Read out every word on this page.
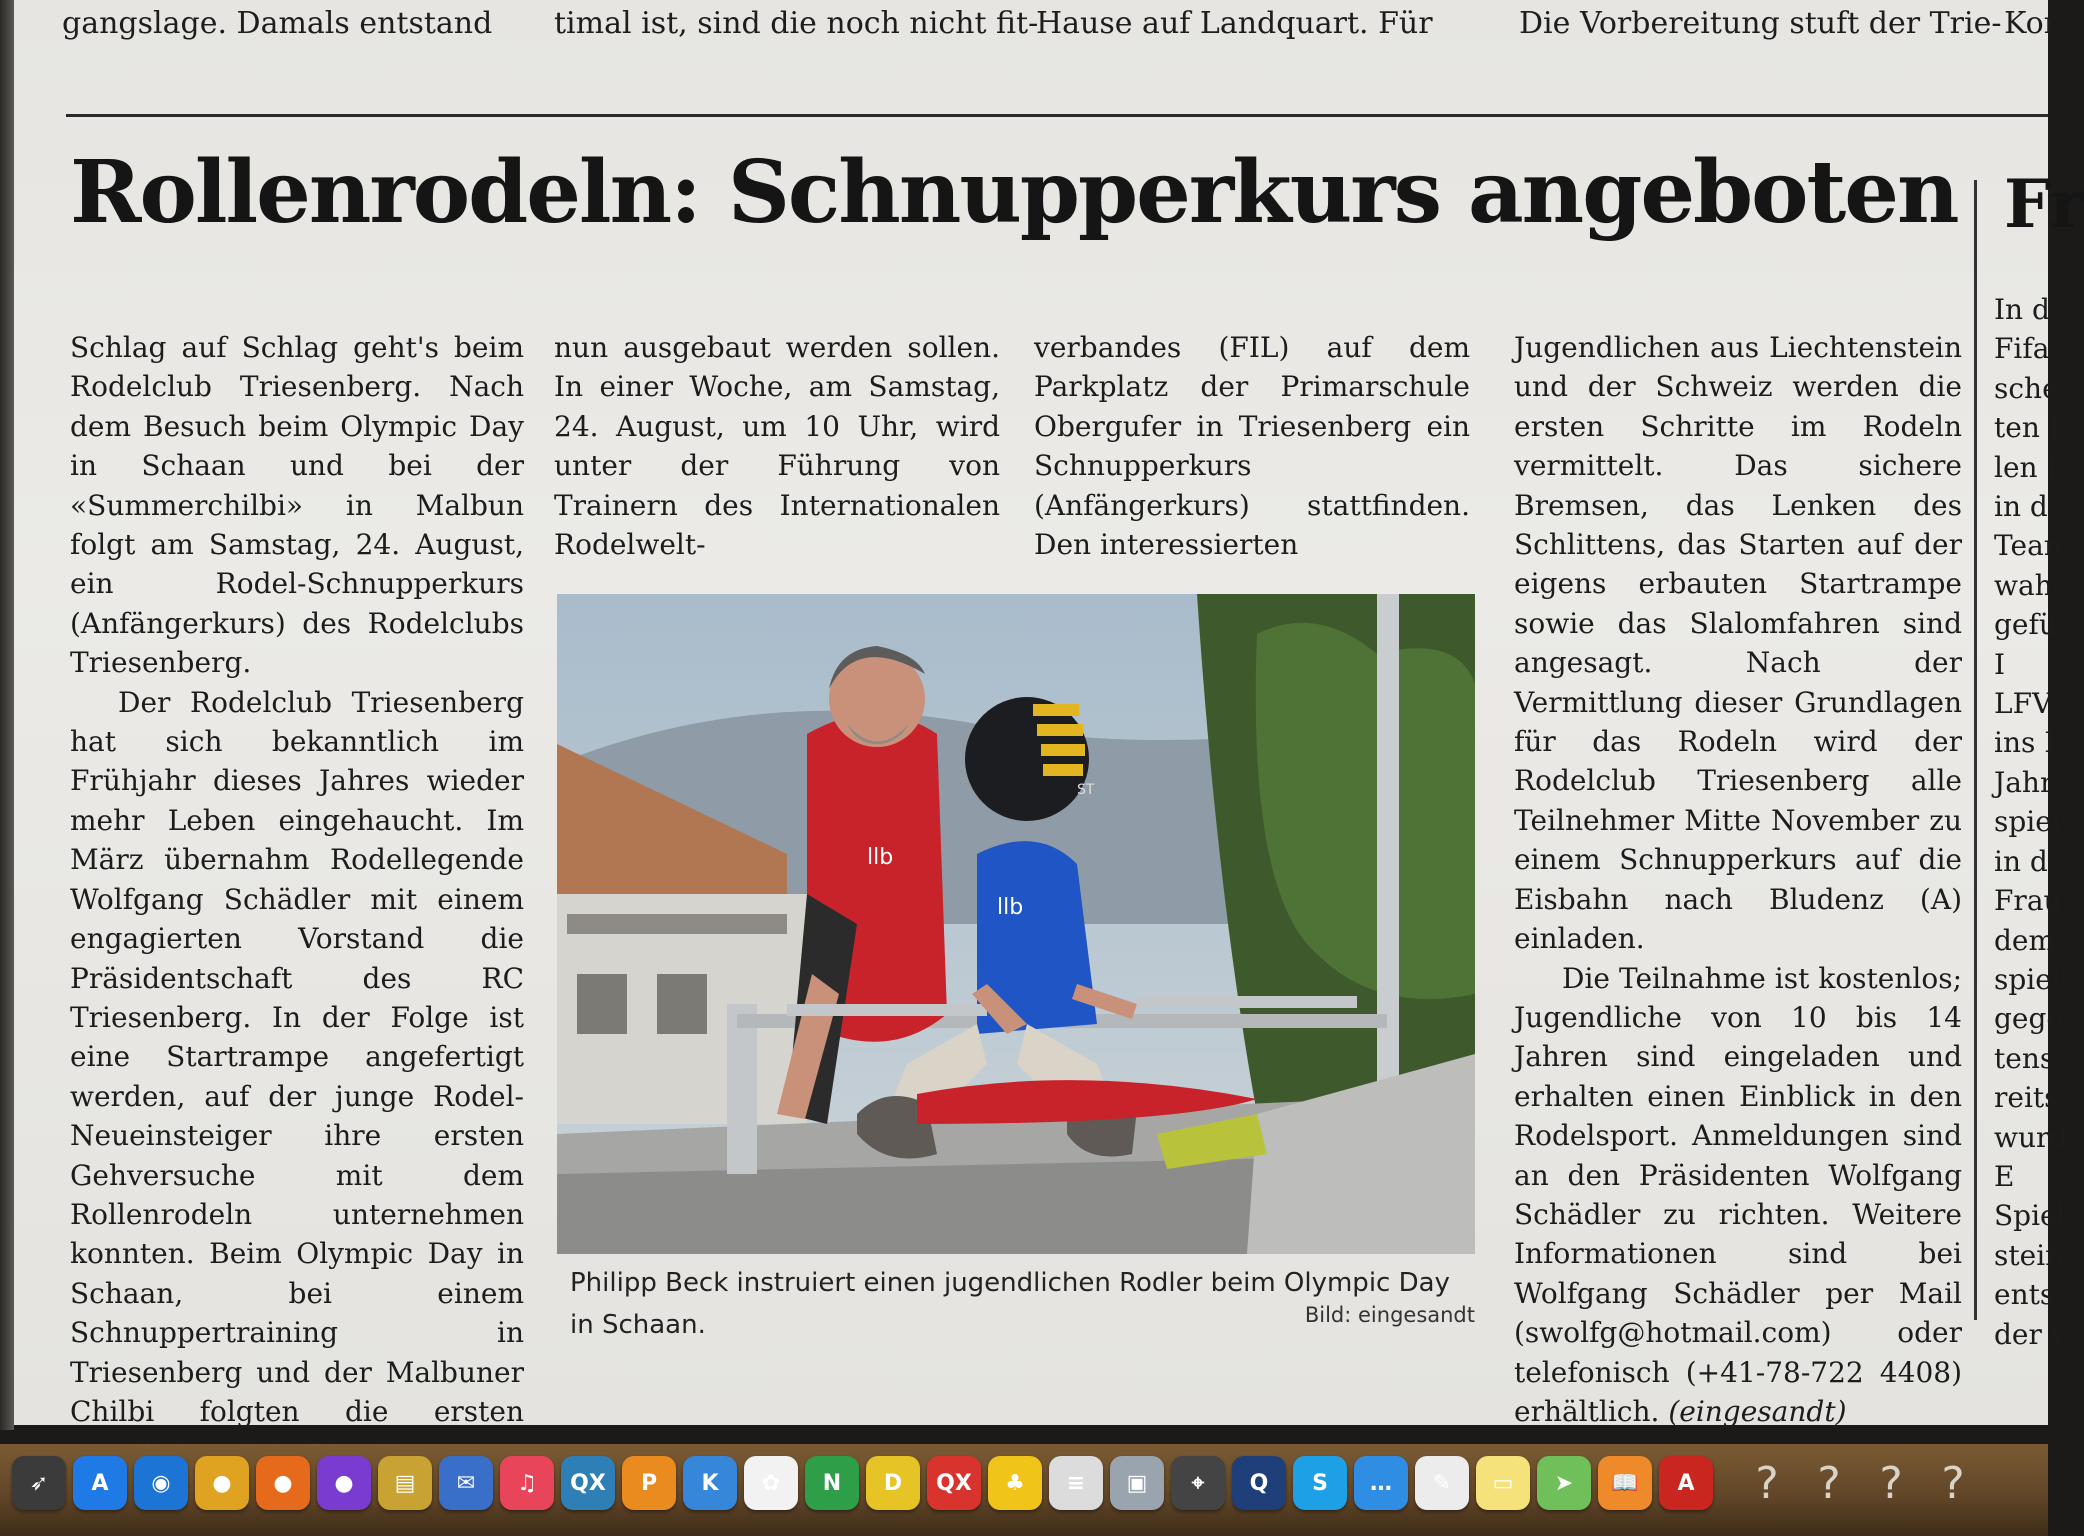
gangslage. Damals entstand timal ist, sind die noch nicht fit-
Hause auf Landquart. Für	Die Vorbereitung stuft der Trie- Kor
Rollenrodeln: Schnupperkurs angeboten Fr

Schlag auf Schlag geht's beim Rodelclub Triesenberg. Nach dem Besuch beim Olympic Day in Schaan und bei der «Summerchilbi» in Malbun folgt am Samstag, 24. August, ein Rodel-Schnupperkurs (Anfängerkurs) des Rodelclubs Triesenberg.

Der Rodelclub Triesenberg hat sich bekanntlich im Frühjahr dieses Jahres wieder mehr Leben eingehaucht. Im März übernahm Rodellegende Wolfgang Schädler mit einem engagierten Vorstand die Präsidentschaft des RC Triesenberg. In der Folge ist eine Startrampe angefertigt werden, auf der junge Rodel-Neueinsteiger ihre ersten Gehversuche mit dem Rollenrodeln unternehmen konnten. Beim Olympic Day in Schaan, bei einem Schnuppertraining in Triesenberg und der Malbuner Chilbi folgten die ersten

nun ausgebaut werden sollen. In einer Woche, am Samstag, 24. August, um 10 Uhr, wird unter der Führung von Trainern des Internationalen Rodelwelt-

verbandes (FIL) auf dem Parkplatz der Primarschule Obergufer in Triesenberg ein Schnupperkurs (Anfängerkurs) stattfinden. Den interessierten

Jugendlichen aus Liechtenstein und der Schweiz werden die ersten Schritte im Rodeln vermittelt. Das sichere Bremsen, das Lenken des Schlittens, das Starten auf der eigens erbauten Startrampe sowie das Slalomfahren sind angesagt. Nach der Vermittlung dieser Grundlagen für das Rodeln wird der Rodelclub Triesenberg alle Teilnehmer Mitte November zu einem Schnupperkurs auf die Eisbahn nach Bludenz (A) einladen.

Die Teilnahme ist kostenlos; Jugendliche von 10 bis 14 Jahren sind eingeladen und erhalten einen Einblick in den Rodelsport. Anmeldungen sind an den Präsidenten Wolfgang Schädler zu richten. Weitere Informationen sind bei Wolfgang Schädler per Mail (swolfg@hotmail.com) oder telefonisch (+41-78-722 4408) erhältlich. (eingesandt)

In d
Fifa
sche
ten I
len I
in d
Tean
wah
gefü
I
LFV
ins I
Jahr
spiel
in d
Frau
dem
spiel
gege
tens
reits
wurd
E
Spiel
stein
ents
der v
llb
llb
ST
Philipp Beck instruiert einen jugendlichen Rodler beim Olympic Day in Schaan.	Bild: eingesandt
➶	A	◉	●	●	●	▤	✉	♫	QX	P	K	✿	N	D	QX	♣	≡	▣	⌖	Q	S	…	✎	▭	➤	📖	A	? ? ? ?
